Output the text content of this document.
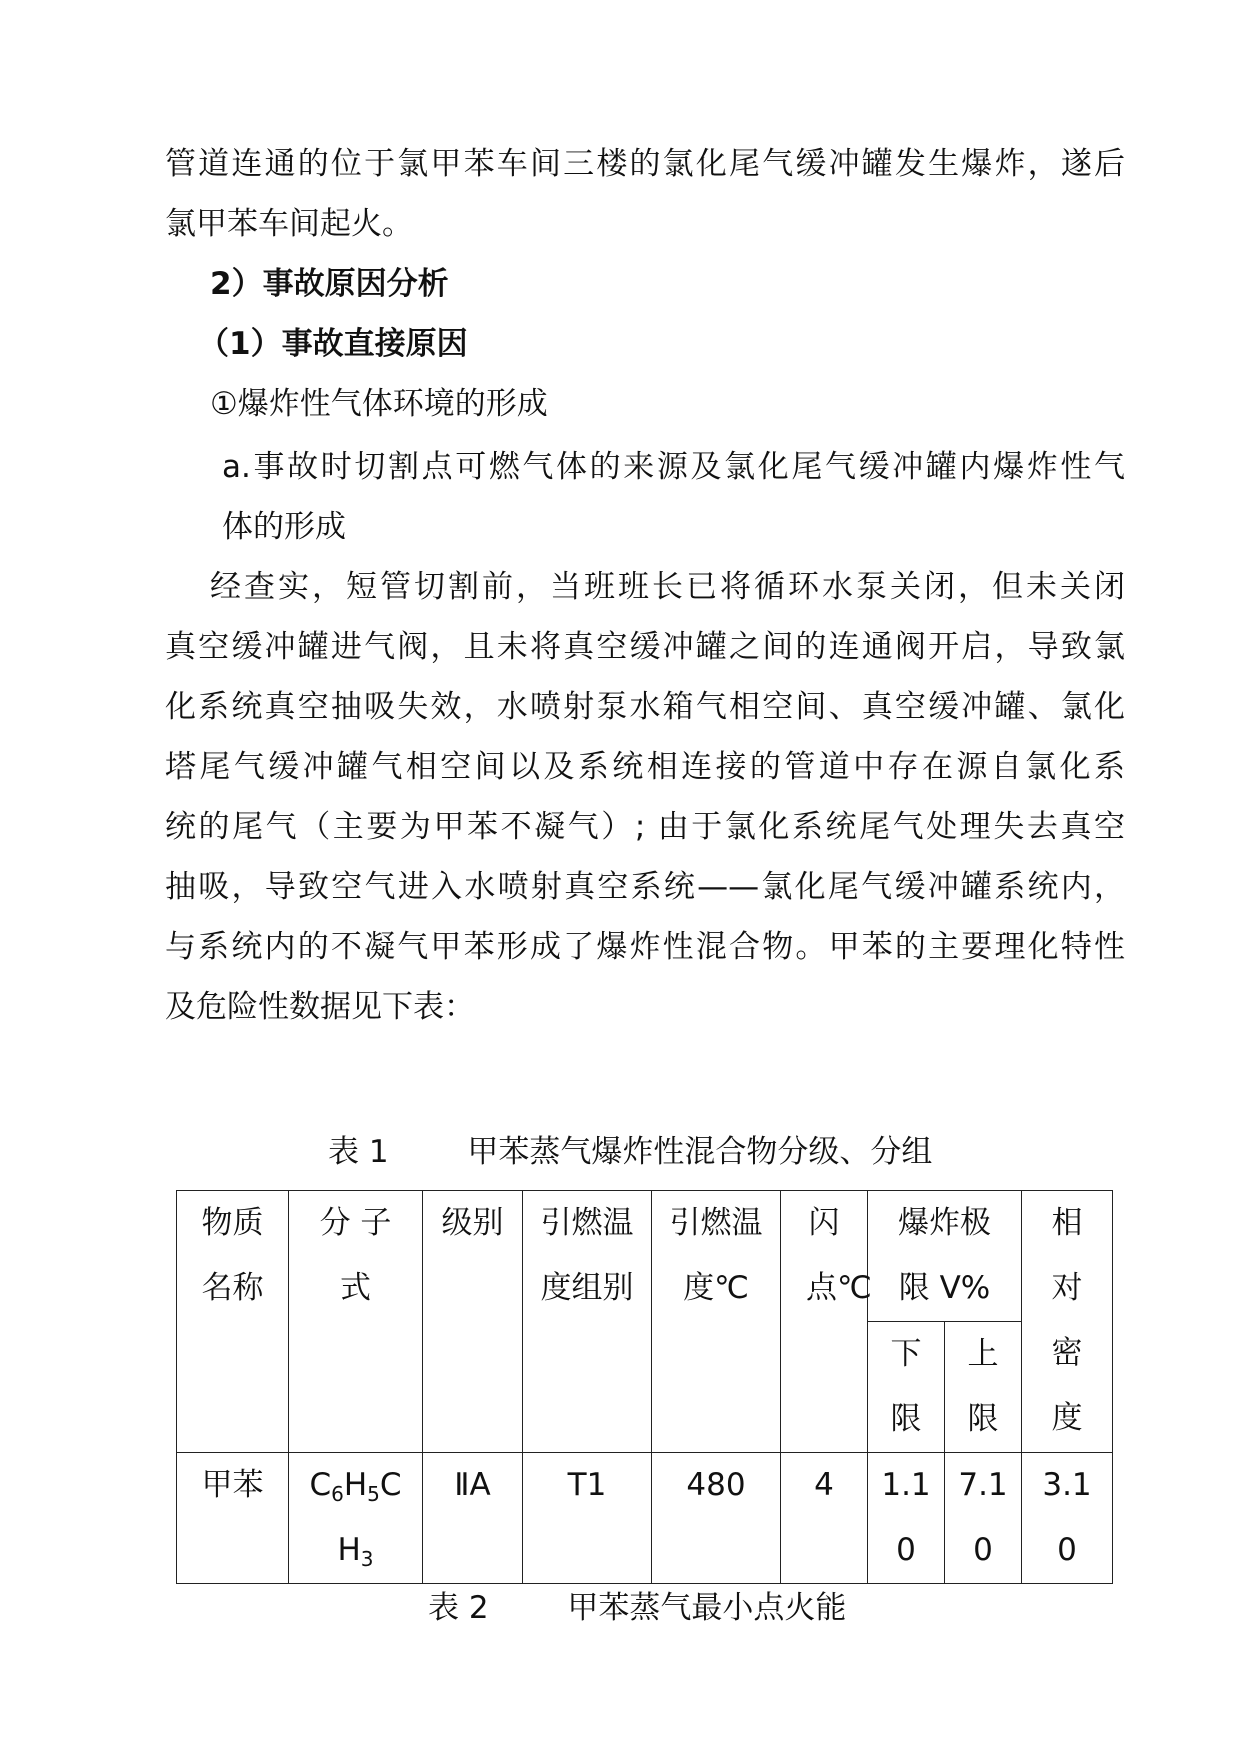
管道连通的位于氯甲苯车间三楼的氯化尾气缓冲罐发生爆炸，遂后
氯甲苯车间起火。
2）事故原因分析
（1）事故直接原因
①爆炸性气体环境的形成
a.事故时切割点可燃气体的来源及氯化尾气缓冲罐内爆炸性气
体的形成
经查实，短管切割前，当班班长已将循环水泵关闭，但未关闭
真空缓冲罐进气阀，且未将真空缓冲罐之间的连通阀开启，导致氯
化系统真空抽吸失效，水喷射泵水箱气相空间、真空缓冲罐、氯化
塔尾气缓冲罐气相空间以及系统相连接的管道中存在源自氯化系
统的尾气（主要为甲苯不凝气）; 由于氯化系统尾气处理失去真空
抽吸，导致空气进入水喷射真空系统——氯化尾气缓冲罐系统内，
与系统内的不凝气甲苯形成了爆炸性混合物。甲苯的主要理化特性
及危险性数据见下表：
表 1        甲苯蒸气爆炸性混合物分级、分组
物质名称	分 子式	级别	引燃温度组别	引燃温度℃	闪点℃	爆炸极限 V%		相对密度

						下限	上限	

甲苯	$C_6H_5CH_3$	ⅡA	T1	480	4	1.10	7.10	3.10
表 2        甲苯蒸气最小点火能
